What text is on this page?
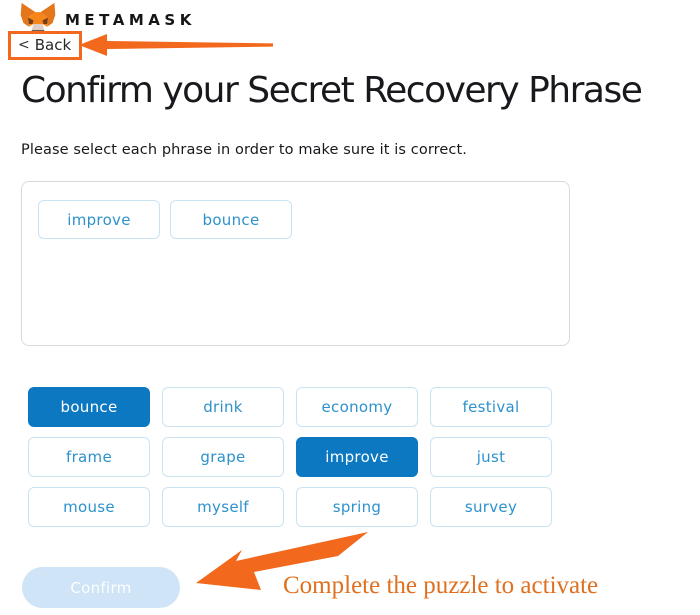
METAMASK
< Back
Confirm your Secret Recovery Phrase

Please select each phrase in order to make sure it is correct.

improve	bounce
bounce	drink	economy	festival
frame	grape	improve	just
mouse	myself	spring	survey
Confirm	Complete the puzzle to activate
